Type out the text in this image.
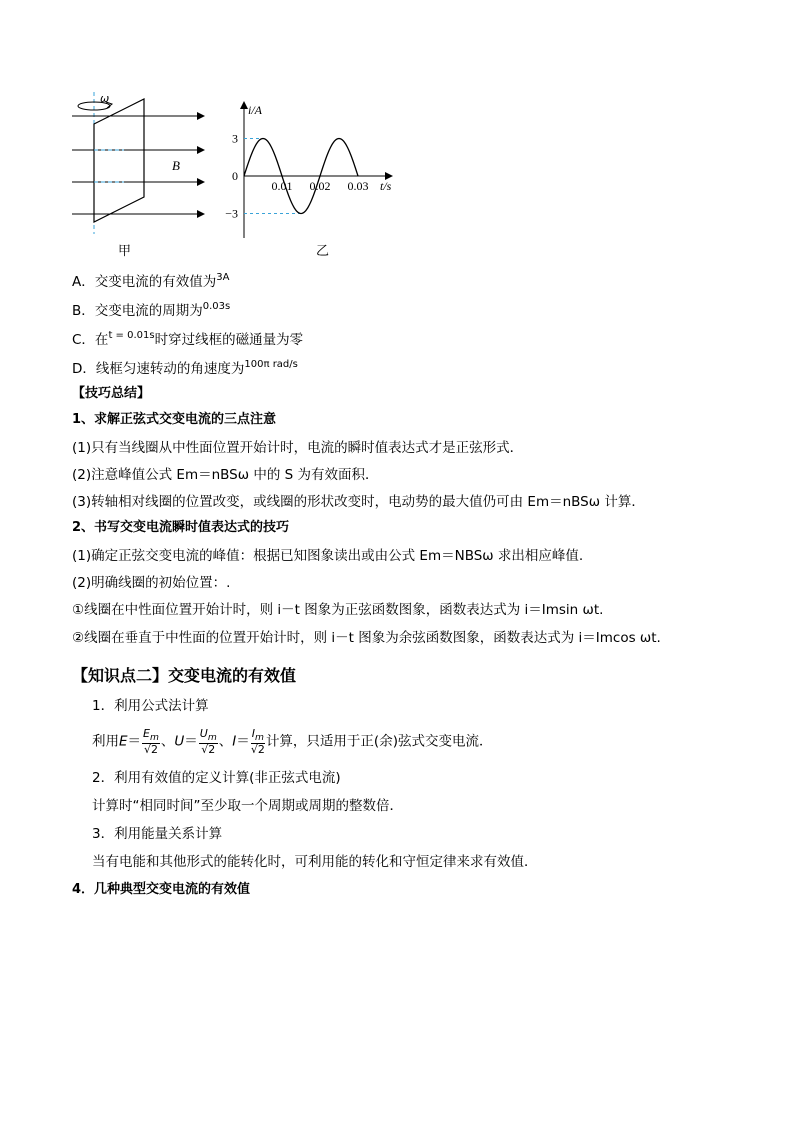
ω
B
甲
3
−3
0
0.01 0.02 0.03
i/A
t/s
乙
A．交变电流的有效值为$^{3A}$
B．交变电流的周期为$^{0.03s}$
C．在$^{t = 0.01s}$时穿过线框的磁通量为零
D．线框匀速转动的角速度为$^{100\pi rad/s}$
【技巧总结】
1、求解正弦式交变电流的三点注意
(1)只有当线圈从中性面位置开始计时，电流的瞬时值表达式才是正弦形式．
(2)注意峰值公式 Em＝nBSω 中的 S 为有效面积．
(3)转轴相对线圈的位置改变，或线圈的形状改变时，电动势的最大值仍可由 Em＝nBSω 计算．
2、书写交变电流瞬时值表达式的技巧
(1)确定正弦交变电流的峰值：根据已知图象读出或由公式 Em＝NBSω 求出相应峰值.
(2)明确线圈的初始位置：.
①线圈在中性面位置开始计时，则 i－t 图象为正弦函数图象，函数表达式为 i＝Imsin ωt.
②线圈在垂直于中性面的位置开始计时，则 i－t 图象为余弦函数图象，函数表达式为 i＝Imcos ωt.
【知识点二】交变电流的有效值
1．利用公式法计算
利用$E= \frac{E_m}{√2}$ 、$U= \frac{U_m}{√2}$ 、$I= \frac{I_m}{√2}$ 计算，只适用于正(余)弦式交变电流．
2．利用有效值的定义计算(非正弦式电流)
计算时“相同时间”至少取一个周期或周期的整数倍．
3．利用能量关系计算
当有电能和其他形式的能转化时，可利用能的转化和守恒定律来求有效值．
4．几种典型交变电流的有效值
